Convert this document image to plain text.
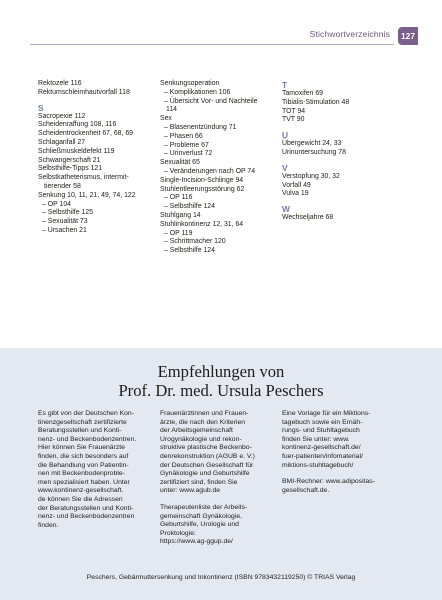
Stichwortverzeichnis	127
Rektozele 116
Rektumschleimhautvorfall 118
S
Sacropexie 112
Scheidenraffung 108, 116
Scheidentrockenheit 67, 68, 69
Schlaganfall 27
Schließmuskeldefekt 119
Schwangerschaft 21
Selbsthilfe-Tipps 121
Selbstkatheterismus, intermit-
tierender 58
Senkung 10, 11, 21, 49, 74, 122
– OP 104
– Selbsthilfe 125
– Sexualität 73
– Ursachen 21
Senkungsoperation
– Komplikationen 106
– Übersicht Vor- und Nachteile
114
Sex
– Blasenentzündung 71
– Phasen 66
– Probleme 67
– Urinverlust 72
Sexualität 65
– Veränderungen nach OP 74
Single-Incision-Schlinge 94
Stuhlentleerungsstörung 62
– OP 116
– Selbsthilfe 124
Stuhlgang 14
Stuhlinkontinenz 12, 31, 64
– OP 119
– Schrittmacher 120
– Selbsthilfe 124
T
Tamoxifen 69
Tibialis-Stimulation 48
TOT 94
TVT 90
U
Übergewicht 24, 33
Urinuntersuchung 78
V
Verstopfung 30, 32
Vorfall 49
Vulva 19
W
Wechseljahre 68
Empfehlungen von
Prof. Dr. med. Ursula Peschers
Es gibt von der Deutschen Kon-
tinenzgesellschaft zertifizierte
Beratungsstellen und Konti-
nenz- und Beckenbodenzentren.
Hier können Sie Frauenärzte
finden, die sich besonders auf
die Behandlung von Patientin-
nen mit Beckenbodenproble-
men spezialisiert haben. Unter
www.kontinenz-gesellschaft.
de können Sie die Adressen
der Beratungsstellen und Konti-
nenz- und Beckenbodenzentren
finden.
Frauenärztinnen und Frauen-
ärzte, die nach den Kriterien
der Arbeitsgemeinschaft
Urogynäkologie und rekon-
struktive plastische Beckenbo-
denrekonstruktion (AGUB e. V.)
der Deutschen Gesellschaft für
Gynäkologie und Geburtshilfe
zertifiziert sind, finden Sie
unter: www.agub.de
Therapeutenliste der Arbeits-
gemeinschaft Gynäkologie,
Geburtshilfe, Urologie und
Proktologie:
https://www.ag-ggup.de/
Eine Vorlage für ein Miktions-
tagebuch sowie ein Ernäh-
rungs- und Stuhltagebuch
finden Sie unter: www.
kontinenz-gesellschaft.de/
fuer-patienten/infomaterial/
miktions-stuhltagebuch/
BMI-Rechner: www.adipositas-
gesellschaft.de.
Peschers, Gebärmuttersenkung und Inkontinenz (ISBN 9783432119250) © TRIAS Verlag
